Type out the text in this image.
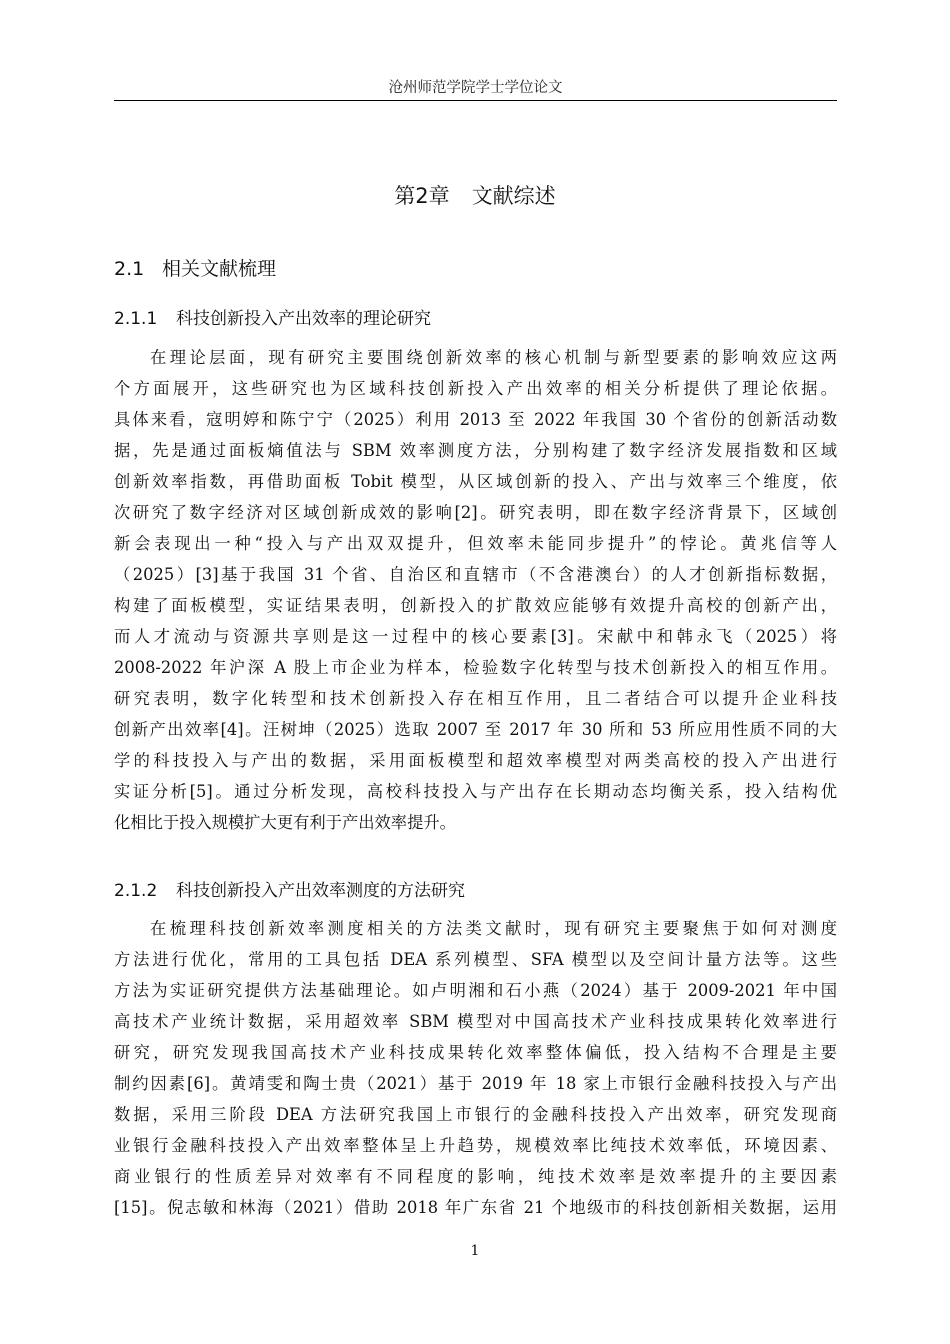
沧州师范学院学士学位论文
第2章 文献综述
2.1 相关文献梳理
2.1.1 科技创新投入产出效率的理论研究
在理论层面，现有研究主要围绕创新效率的核心机制与新型要素的影响效应这两
个方面展开，这些研究也为区域科技创新投入产出效率的相关分析提供了理论依据。
具体来看，寇明婷和陈宁宁（2025）利用 2013 至 2022 年我国 30 个省份的创新活动数
据，先是通过面板熵值法与 SBM 效率测度方法，分别构建了数字经济发展指数和区域
创新效率指数，再借助面板 Tobit 模型，从区域创新的投入、产出与效率三个维度，依
次研究了数字经济对区域创新成效的影响[2]。研究表明，即在数字经济背景下，区域创
新会表现出一种“投入与产出双双提升，但效率未能同步提升”的悖论。黄兆信等人
（2025）[3]基于我国 31 个省、自治区和直辖市（不含港澳台）的人才创新指标数据，
构建了面板模型，实证结果表明，创新投入的扩散效应能够有效提升高校的创新产出，
而人才流动与资源共享则是这一过程中的核心要素[3]。宋献中和韩永飞（2025）将
2008-2022 年沪深 A 股上市企业为样本，检验数字化转型与技术创新投入的相互作用。
研究表明，数字化转型和技术创新投入存在相互作用，且二者结合可以提升企业科技
创新产出效率[4]。汪树坤（2025）选取 2007 至 2017 年 30 所和 53 所应用性质不同的大
学的科技投入与产出的数据，采用面板模型和超效率模型对两类高校的投入产出进行
实证分析[5]。通过分析发现，高校科技投入与产出存在长期动态均衡关系，投入结构优
化相比于投入规模扩大更有利于产出效率提升。
2.1.2 科技创新投入产出效率测度的方法研究
在梳理科技创新效率测度相关的方法类文献时，现有研究主要聚焦于如何对测度
方法进行优化，常用的工具包括 DEA 系列模型、SFA 模型以及空间计量方法等。这些
方法为实证研究提供方法基础理论。如卢明湘和石小燕（2024）基于 2009-2021 年中国
高技术产业统计数据，采用超效率 SBM 模型对中国高技术产业科技成果转化效率进行
研究，研究发现我国高技术产业科技成果转化效率整体偏低，投入结构不合理是主要
制约因素[6]。黄靖雯和陶士贵（2021）基于 2019 年 18 家上市银行金融科技投入与产出
数据，采用三阶段 DEA 方法研究我国上市银行的金融科技投入产出效率，研究发现商
业银行金融科技投入产出效率整体呈上升趋势，规模效率比纯技术效率低，环境因素、
商业银行的性质差异对效率有不同程度的影响，纯技术效率是效率提升的主要因素
[15]。倪志敏和林海（2021）借助 2018 年广东省 21 个地级市的科技创新相关数据，运用
1
